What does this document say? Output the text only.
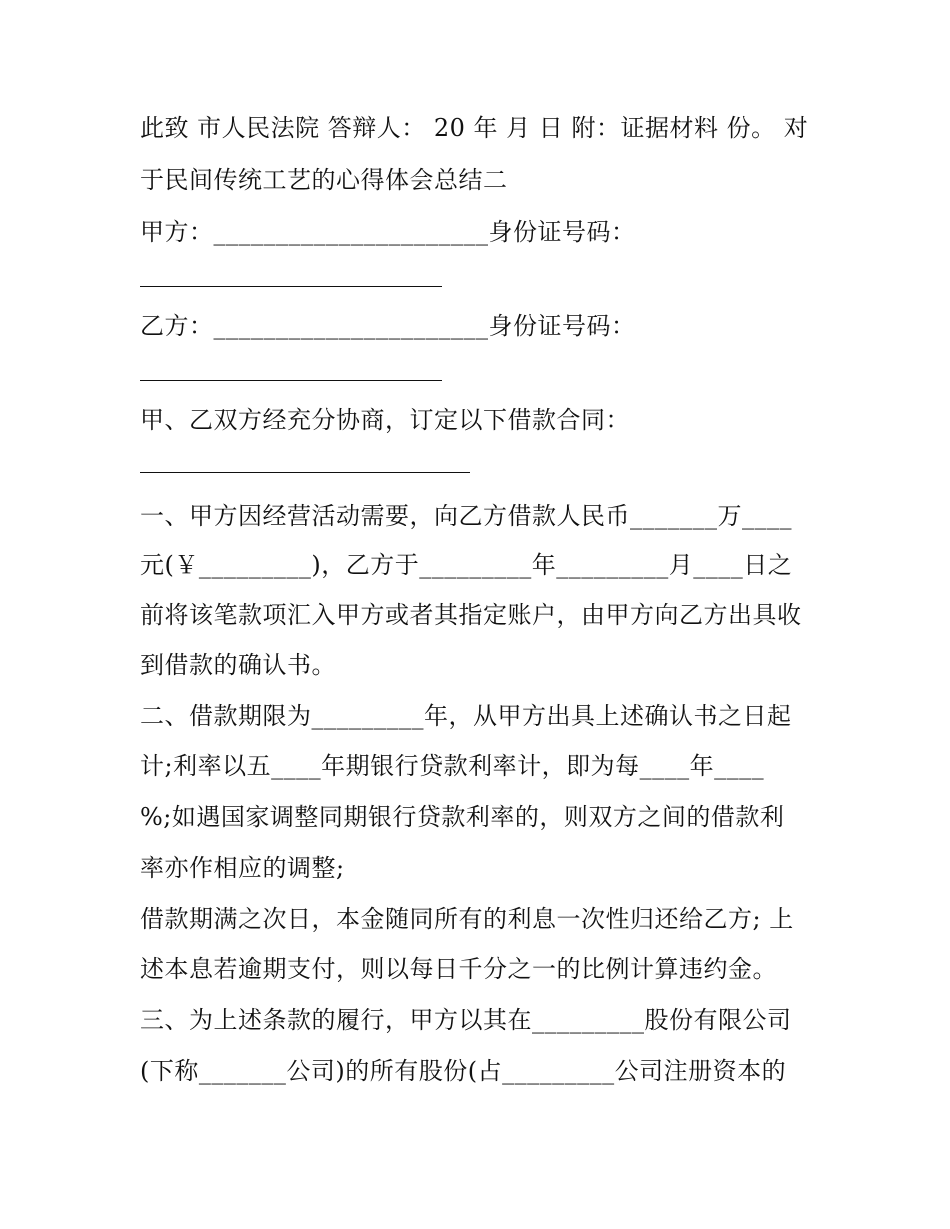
此致 市人民法院 答辩人： 20 年 月 日 附：证据材料 份。 对
于民间传统工艺的心得体会总结二
甲方：______________________身份证号码：
乙方：______________________身份证号码：
甲、乙双方经充分协商，订定以下借款合同：
一、甲方因经营活动需要，向乙方借款人民币_______万____
元(￥_________)，乙方于_________年_________月____日之
前将该笔款项汇入甲方或者其指定账户，由甲方向乙方出具收
到借款的确认书。
二、借款期限为_________年，从甲方出具上述确认书之日起
计;利率以五____年期银行贷款利率计，即为每____年____
%;如遇国家调整同期银行贷款利率的，则双方之间的借款利
率亦作相应的调整;
借款期满之次日，本金随同所有的利息一次性归还给乙方; 上
述本息若逾期支付，则以每日千分之一的比例计算违约金。
三、为上述条款的履行，甲方以其在_________股份有限公司
(下称_______公司)的所有股份(占_________公司注册资本的
